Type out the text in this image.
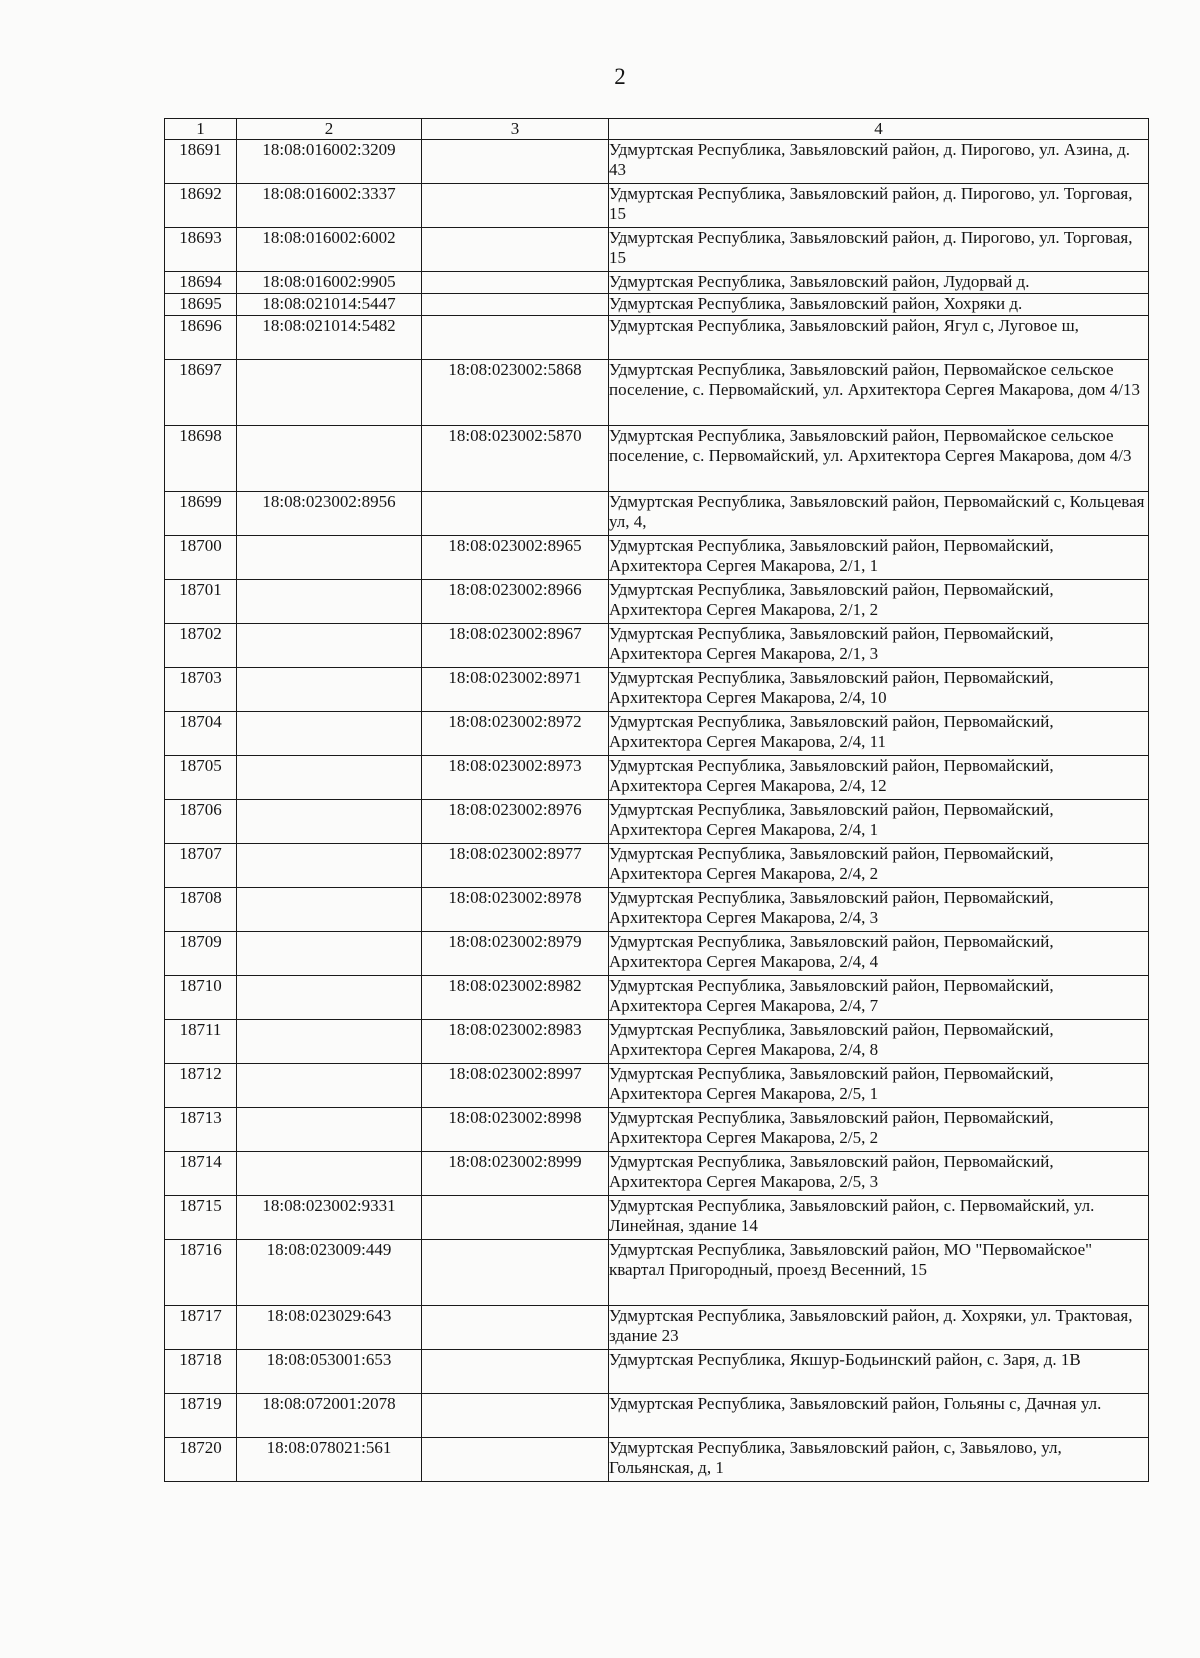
2
1	2	3	4
18691	18:08:016002:3209		Удмуртская Республика, Завьяловский район, д. Пирогово, ул. Азина, д. 43
18692	18:08:016002:3337		Удмуртская Республика, Завьяловский район, д. Пирогово, ул. Торговая, 15
18693	18:08:016002:6002		Удмуртская Республика, Завьяловский район, д. Пирогово, ул. Торговая, 15
18694	18:08:016002:9905		Удмуртская Республика, Завьяловский район, Лудорвай д.
18695	18:08:021014:5447		Удмуртская Республика, Завьяловский район, Хохряки д.
18696	18:08:021014:5482		Удмуртская Республика, Завьяловский район, Ягул с, Луговое ш,
18697		18:08:023002:5868	Удмуртская Республика, Завьяловский район, Первомайское сельское поселение, с. Первомайский, ул. Архитектора Сергея Макарова, дом 4/13
18698		18:08:023002:5870	Удмуртская Республика, Завьяловский район, Первомайское сельское поселение, с. Первомайский, ул. Архитектора Сергея Макарова, дом 4/3
18699	18:08:023002:8956		Удмуртская Республика, Завьяловский район, Первомайский с, Кольцевая ул, 4,
18700		18:08:023002:8965	Удмуртская Республика, Завьяловский район, Первомайский, Архитектора Сергея Макарова, 2/1, 1
18701		18:08:023002:8966	Удмуртская Республика, Завьяловский район, Первомайский, Архитектора Сергея Макарова, 2/1, 2
18702		18:08:023002:8967	Удмуртская Республика, Завьяловский район, Первомайский, Архитектора Сергея Макарова, 2/1, 3
18703		18:08:023002:8971	Удмуртская Республика, Завьяловский район, Первомайский, Архитектора Сергея Макарова, 2/4, 10
18704		18:08:023002:8972	Удмуртская Республика, Завьяловский район, Первомайский, Архитектора Сергея Макарова, 2/4, 11
18705		18:08:023002:8973	Удмуртская Республика, Завьяловский район, Первомайский, Архитектора Сергея Макарова, 2/4, 12
18706		18:08:023002:8976	Удмуртская Республика, Завьяловский район, Первомайский, Архитектора Сергея Макарова, 2/4, 1
18707		18:08:023002:8977	Удмуртская Республика, Завьяловский район, Первомайский, Архитектора Сергея Макарова, 2/4, 2
18708		18:08:023002:8978	Удмуртская Республика, Завьяловский район, Первомайский, Архитектора Сергея Макарова, 2/4, 3
18709		18:08:023002:8979	Удмуртская Республика, Завьяловский район, Первомайский, Архитектора Сергея Макарова, 2/4, 4
18710		18:08:023002:8982	Удмуртская Республика, Завьяловский район, Первомайский, Архитектора Сергея Макарова, 2/4, 7
18711		18:08:023002:8983	Удмуртская Республика, Завьяловский район, Первомайский, Архитектора Сергея Макарова, 2/4, 8
18712		18:08:023002:8997	Удмуртская Республика, Завьяловский район, Первомайский, Архитектора Сергея Макарова, 2/5, 1
18713		18:08:023002:8998	Удмуртская Республика, Завьяловский район, Первомайский, Архитектора Сергея Макарова, 2/5, 2
18714		18:08:023002:8999	Удмуртская Республика, Завьяловский район, Первомайский, Архитектора Сергея Макарова, 2/5, 3
18715	18:08:023002:9331		Удмуртская Республика, Завьяловский район, с. Первомайский, ул. Линейная, здание 14
18716	18:08:023009:449		Удмуртская Республика, Завьяловский район, МО "Первомайское" квартал Пригородный, проезд Весенний, 15
18717	18:08:023029:643		Удмуртская Республика, Завьяловский район, д. Хохряки, ул. Трактовая, здание 23
18718	18:08:053001:653		Удмуртская Республика, Якшур-Бодьинский район, с. Заря, д. 1В
18719	18:08:072001:2078		Удмуртская Республика, Завьяловский район, Гольяны с, Дачная ул.
18720	18:08:078021:561		Удмуртская Республика, Завьяловский район, с, Завьялово, ул, Гольянская, д, 1
